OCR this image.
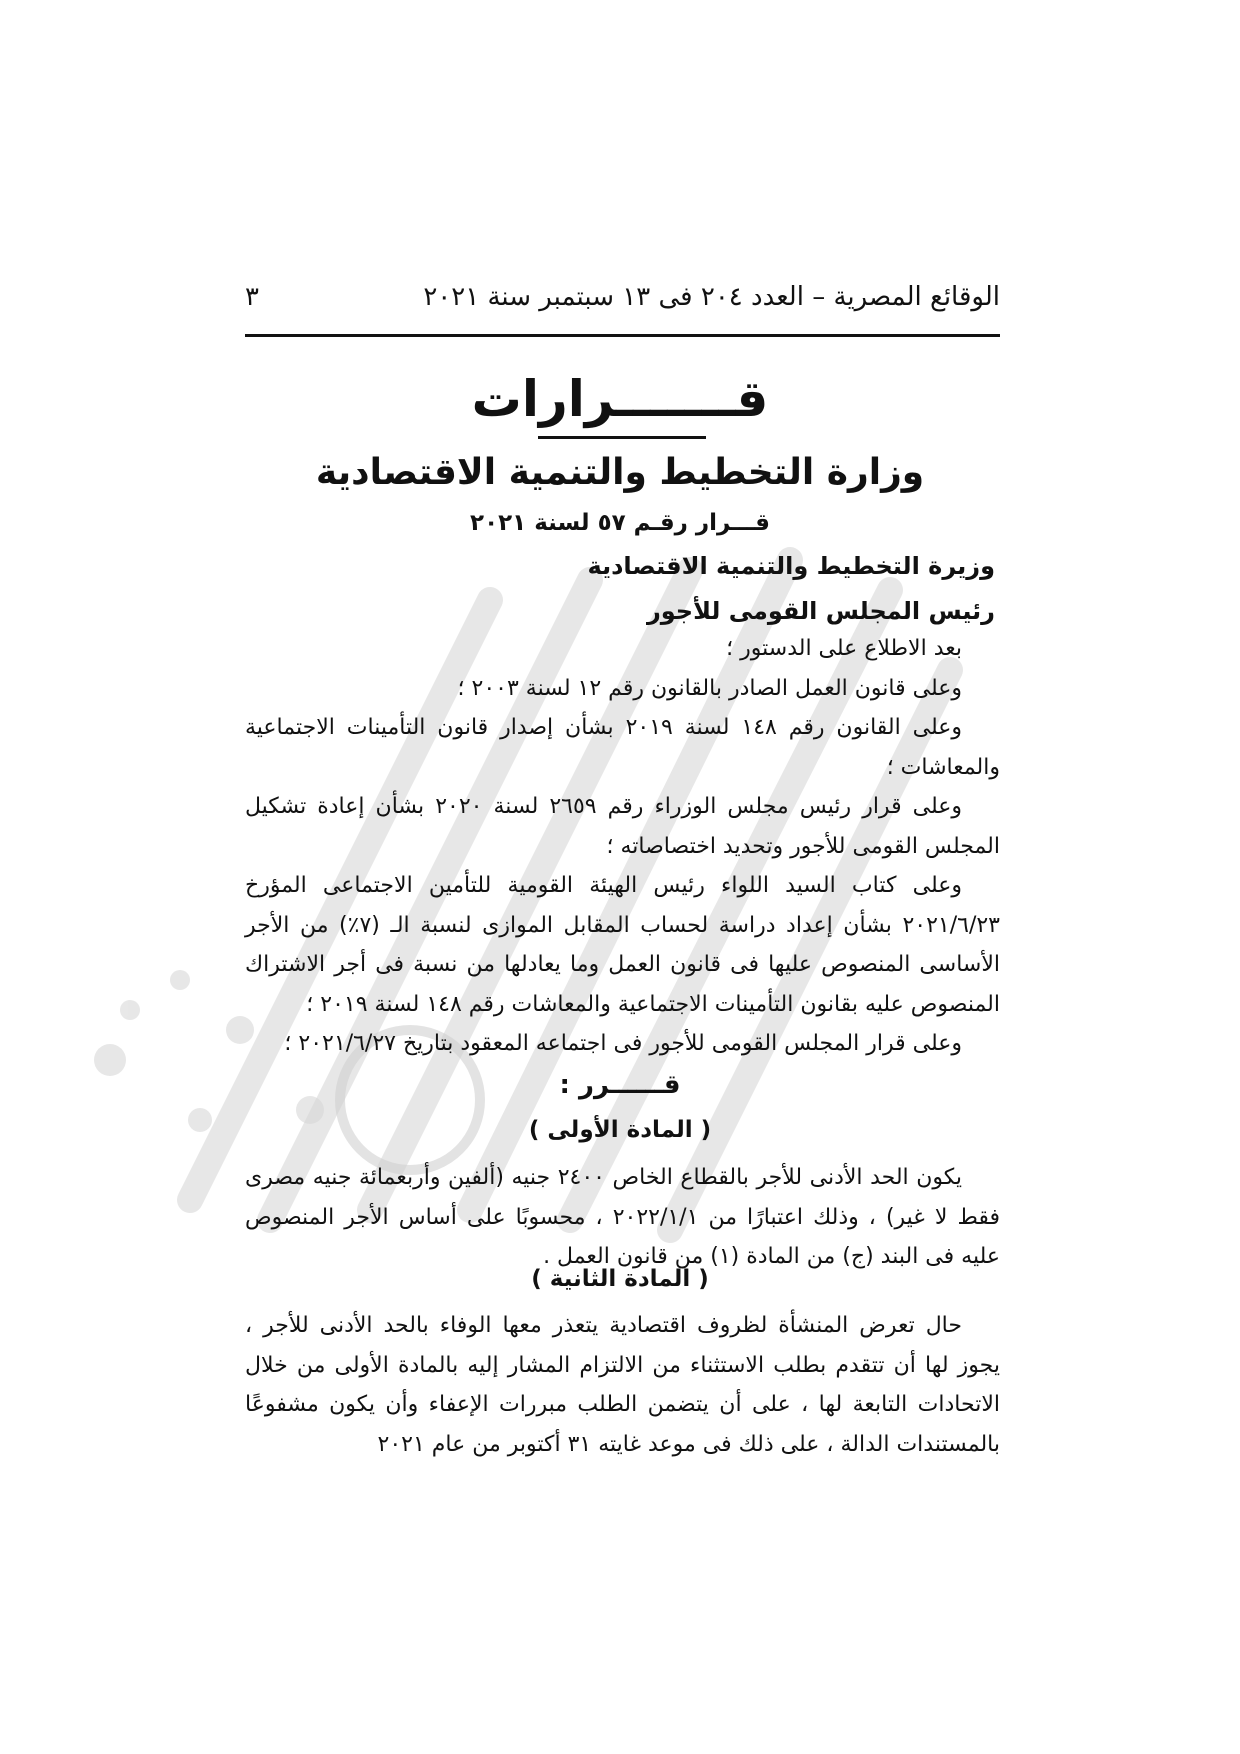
الوقائع المصرية – العدد ٢٠٤ فى ١٣ سبتمبر سنة ٢٠٢١
٣
قـــــــرارات
وزارة التخطيط والتنمية الاقتصادية
قـــرار رقـم ٥٧ لسنة ٢٠٢١
وزيرة التخطيط والتنمية الاقتصادية
رئيس المجلس القومى للأجور
بعد الاطلاع على الدستور ؛
وعلى قانون العمل الصادر بالقانون رقم ١٢ لسنة ٢٠٠٣ ؛
وعلى القانون رقم ١٤٨ لسنة ٢٠١٩ بشأن إصدار قانون التأمينات الاجتماعية والمعاشات ؛
وعلى قرار رئيس مجلس الوزراء رقم ٢٦٥٩ لسنة ٢٠٢٠ بشأن إعادة تشكيل المجلس القومى للأجور وتحديد اختصاصاته ؛
وعلى كتاب السيد اللواء رئيس الهيئة القومية للتأمين الاجتماعى المؤرخ ٢٠٢١/٦/٢٣ بشأن إعداد دراسة لحساب المقابل الموازى لنسبة الـ (٧٪) من الأجر الأساسى المنصوص عليها فى قانون العمل وما يعادلها من نسبة فى أجر الاشتراك المنصوص عليه بقانون التأمينات الاجتماعية والمعاشات رقم ١٤٨ لسنة ٢٠١٩ ؛
وعلى قرار المجلس القومى للأجور فى اجتماعه المعقود بتاريخ ٢٠٢١/٦/٢٧ ؛
قــــــرر :
( المادة الأولى )
يكون الحد الأدنى للأجر بالقطاع الخاص ٢٤٠٠ جنيه (ألفين وأربعمائة جنيه مصرى فقط لا غير) ، وذلك اعتبارًا من ٢٠٢٢/١/١ ، محسوبًا على أساس الأجر المنصوص عليه فى البند (ج) من المادة (١) من قانون العمل .
( المادة الثانية )
حال تعرض المنشأة لظروف اقتصادية يتعذر معها الوفاء بالحد الأدنى للأجر ، يجوز لها أن تتقدم بطلب الاستثناء من الالتزام المشار إليه بالمادة الأولى من خلال الاتحادات التابعة لها ، على أن يتضمن الطلب مبررات الإعفاء وأن يكون مشفوعًا بالمستندات الدالة ، على ذلك فى موعد غايته ٣١ أكتوبر من عام ٢٠٢١
